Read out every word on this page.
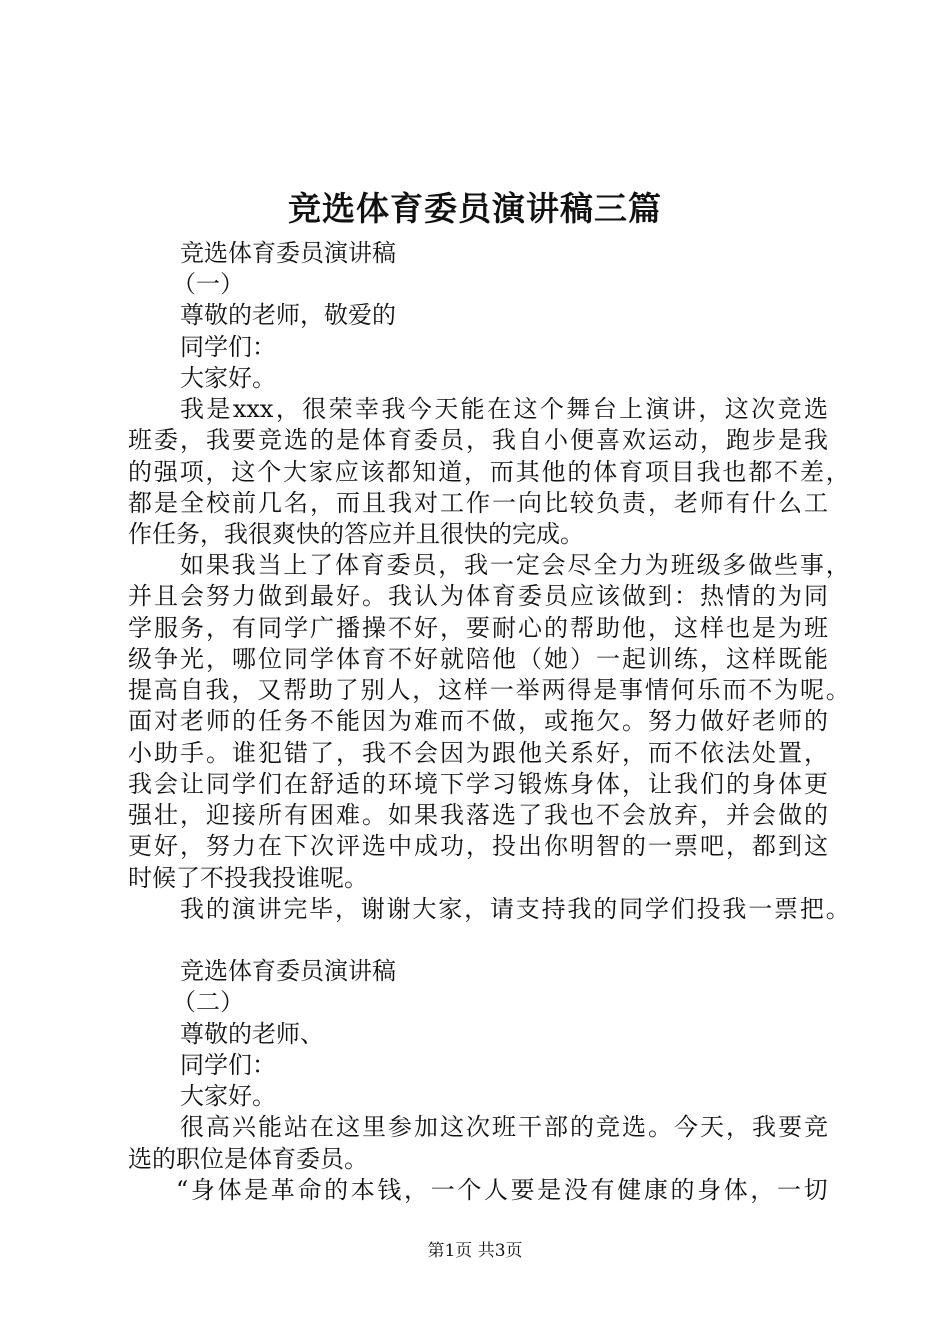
竞选体育委员演讲稿三篇
竞选体育委员演讲稿
（一）
尊敬的老师，敬爱的
同学们：
大家好。
我 是 xxx ， 很 荣 幸 我 今 天 能 在 这 个 舞 台 上 演 讲 ， 这 次 竞 选
班 委 ， 我 要 竞 选 的 是 体 育 委 员 ， 我 自 小 便 喜 欢 运 动 ， 跑 步 是 我
的 强 项 ， 这 个 大 家 应 该 都 知 道 ， 而 其 他 的 体 育 项 目 我 也 都 不 差 ，
都 是 全 校 前 几 名 ， 而 且 我 对 工 作 一 向 比 较 负 责 ， 老 师 有 什 么 工
作任务，我很爽快的答应并且很快的完成。
如 果 我 当 上 了 体 育 委 员 ， 我 一 定 会 尽 全 力 为 班 级 多 做 些 事 ，
并 且 会 努 力 做 到 最 好 。 我 认 为 体 育 委 员 应 该 做 到 ： 热 情 的 为 同
学 服 务 ， 有 同 学 广 播 操 不 好 ， 要 耐 心 的 帮 助 他 ， 这 样 也 是 为 班
级 争 光 ， 哪 位 同 学 体 育 不 好 就 陪 他 （ 她 ） 一 起 训 练 ， 这 样 既 能
提 高 自 我 ， 又 帮 助 了 别 人 ， 这 样 一 举 两 得 是 事 情 何 乐 而 不 为 呢 。
面 对 老 师 的 任 务 不 能 因 为 难 而 不 做 ， 或 拖 欠 。 努 力 做 好 老 师 的
小 助 手 。 谁 犯 错 了 ， 我 不 会 因 为 跟 他 关 系 好 ， 而 不 依 法 处 置 ，
我 会 让 同 学 们 在 舒 适 的 环 境 下 学 习 锻 炼 身 体 ， 让 我 们 的 身 体 更
强 壮 ， 迎 接 所 有 困 难 。 如 果 我 落 选 了 我 也 不 会 放 弃 ， 并 会 做 的
更 好 ， 努 力 在 下 次 评 选 中 成 功 ， 投 出 你 明 智 的 一 票 吧 ， 都 到 这
时候了不投我投谁呢。
我 的 演 讲 完 毕 ， 谢 谢 大 家 ， 请 支 持 我 的 同 学 们 投 我 一 票 把 。
竞选体育委员演讲稿
（二）
尊敬的老师、
同学们：
大家好。
很 高 兴 能 站 在 这 里 参 加 这 次 班 干 部 的 竞 选 。 今 天 ， 我 要 竞
选的职位是体育委员。
“ 身 体 是 革 命 的 本 钱 ， 一 个 人 要 是 没 有 健 康 的 身 体 ， 一 切
第1页 共3页
